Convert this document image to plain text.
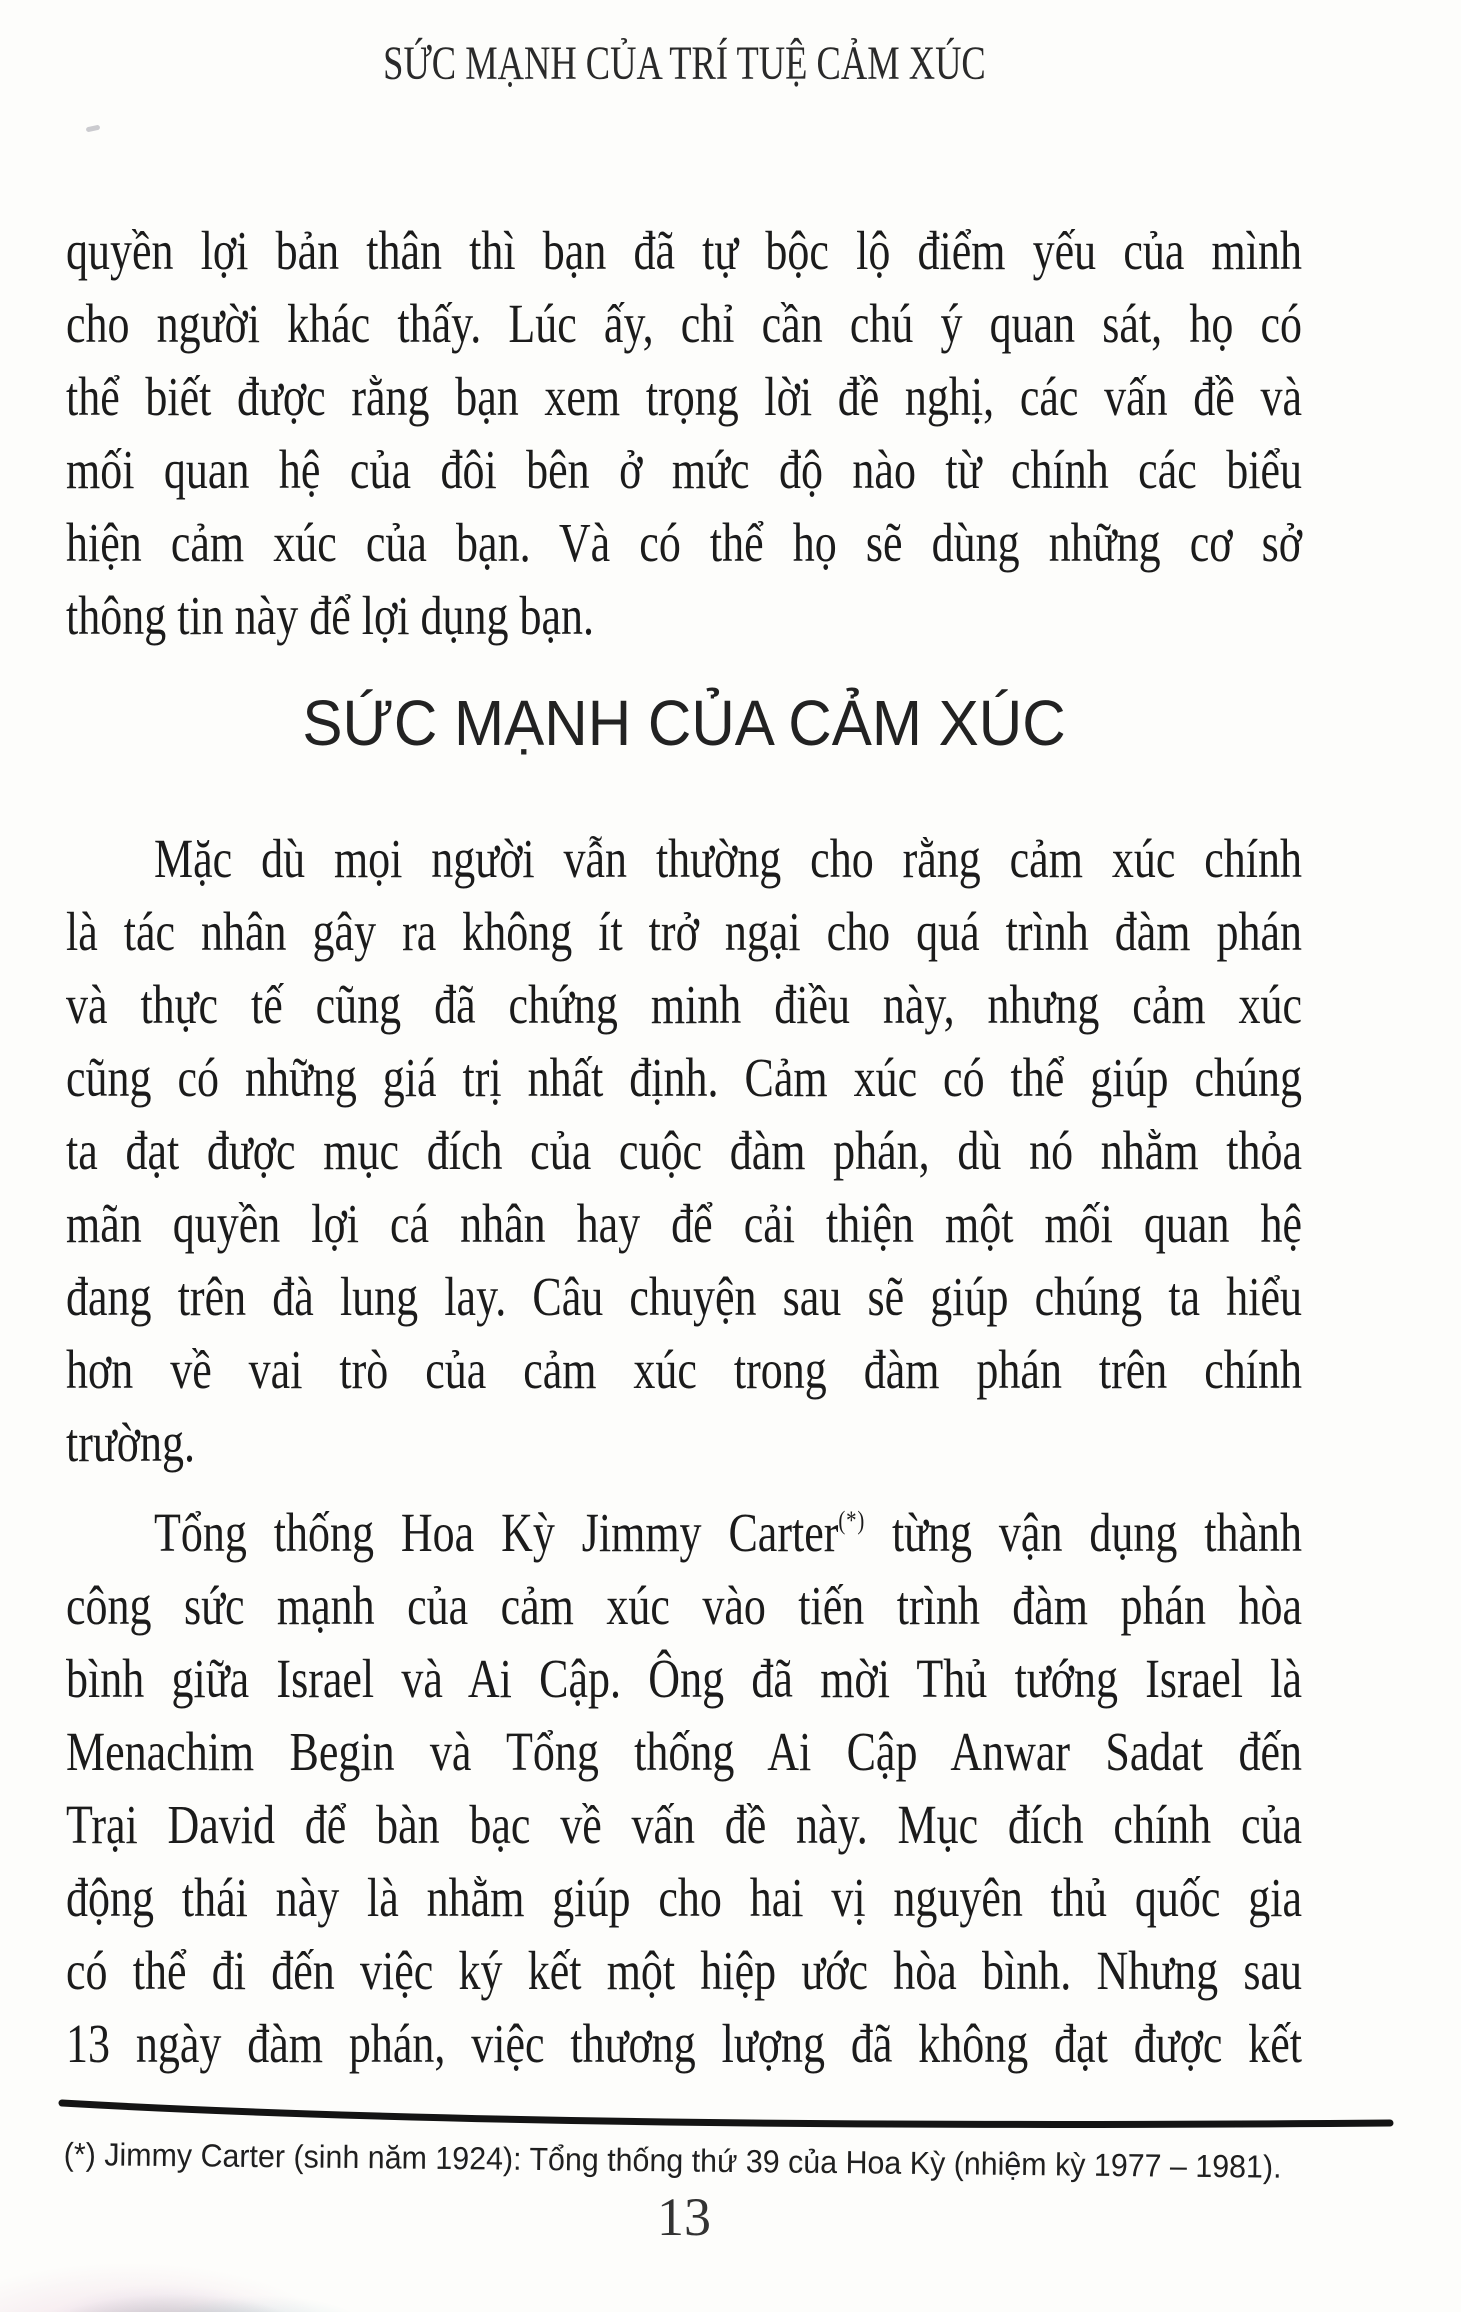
SỨC MẠNH CỦA TRÍ TUỆ CẢM XÚC
quyền lợi bản thân thì bạn đã tự bộc lộ điểm yếu của mình
cho người khác thấy. Lúc ấy, chỉ cần chú ý quan sát, họ có
thể biết được rằng bạn xem trọng lời đề nghị, các vấn đề và
mối quan hệ của đôi bên ở mức độ nào từ chính các biểu
hiện cảm xúc của bạn. Và có thể họ sẽ dùng những cơ sở
thông tin này để lợi dụng bạn.
SỨC MẠNH CỦA CẢM XÚC
Mặc dù mọi người vẫn thường cho rằng cảm xúc chính
là tác nhân gây ra không ít trở ngại cho quá trình đàm phán
và thực tế cũng đã chứng minh điều này, nhưng cảm xúc
cũng có những giá trị nhất định. Cảm xúc có thể giúp chúng
ta đạt được mục đích của cuộc đàm phán, dù nó nhằm thỏa
mãn quyền lợi cá nhân hay để cải thiện một mối quan hệ
đang trên đà lung lay. Câu chuyện sau sẽ giúp chúng ta hiểu
hơn về vai trò của cảm xúc trong đàm phán trên chính
trường.
Tổng thống Hoa Kỳ Jimmy Carter(*) từng vận dụng thành
công sức mạnh của cảm xúc vào tiến trình đàm phán hòa
bình giữa Israel và Ai Cập. Ông đã mời Thủ tướng Israel là
Menachim Begin và Tổng thống Ai Cập Anwar Sadat đến
Trại David để bàn bạc về vấn đề này. Mục đích chính của
động thái này là nhằm giúp cho hai vị nguyên thủ quốc gia
có thể đi đến việc ký kết một hiệp ước hòa bình. Nhưng sau
13 ngày đàm phán, việc thương lượng đã không đạt được kết
(*) Jimmy Carter (sinh năm 1924): Tổng thống thứ 39 của Hoa Kỳ (nhiệm kỳ 1977 – 1981).
13
